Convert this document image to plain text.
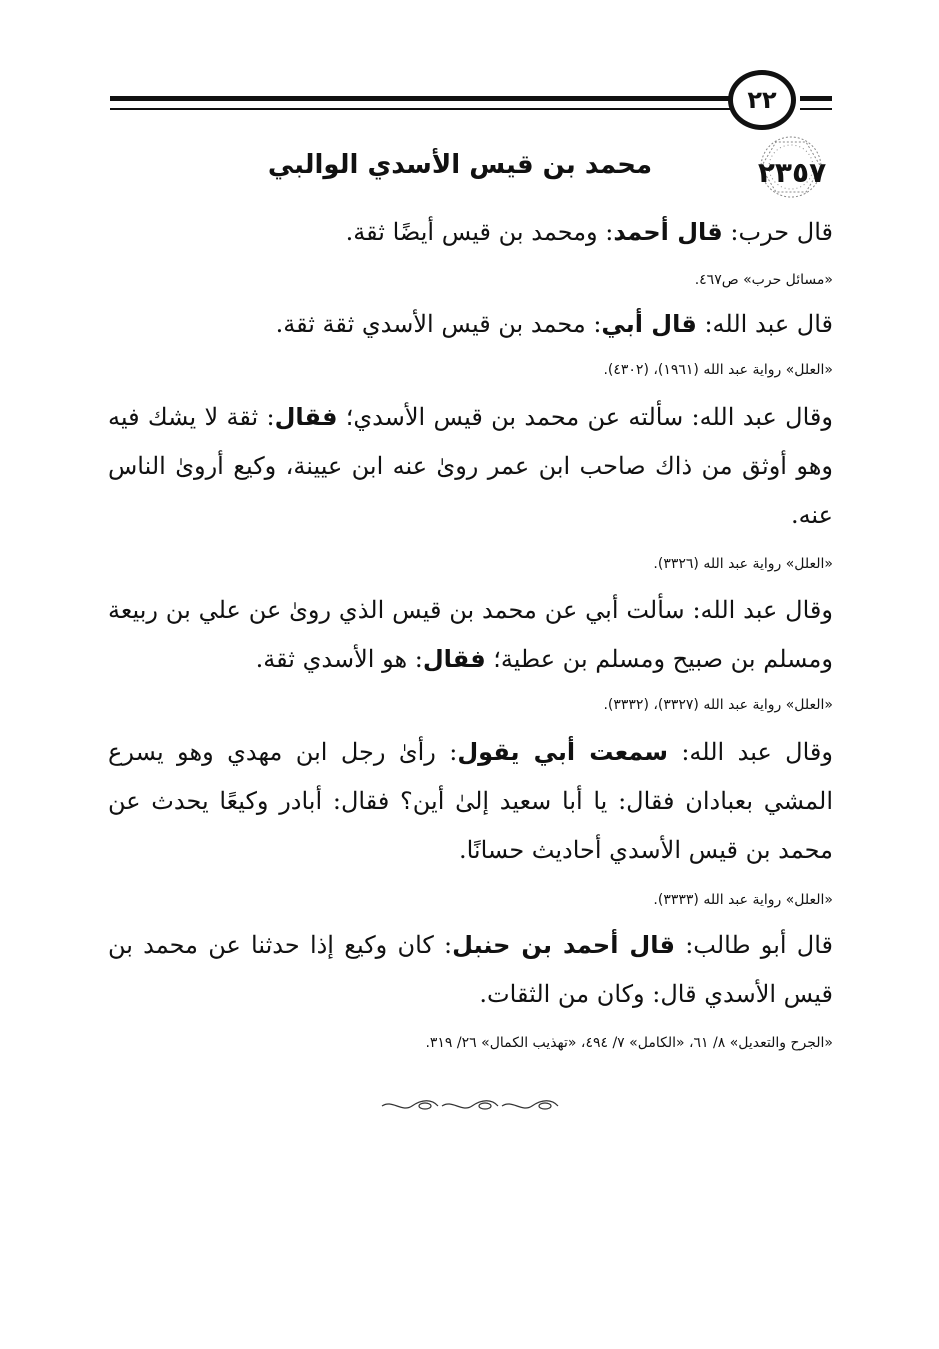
٢٢
٢٣٥٧
محمد بن قيس الأسدي الوالبي
قال حرب: قال أحمد: ومحمد بن قيس أيضًا ثقة.
«مسائل حرب» ص٤٦٧.
قال عبد الله: قال أبي: محمد بن قيس الأسدي ثقة ثقة.
«العلل» رواية عبد الله (١٩٦١)، (٤٣٠٢).
وقال عبد الله: سألته عن محمد بن قيس الأسدي؛ فقال: ثقة لا يشك فيه وهو أوثق من ذاك صاحب ابن عمر روىٰ عنه ابن عيينة، وكيع أروىٰ الناس عنه.
«العلل» رواية عبد الله (٣٣٢٦).
وقال عبد الله: سألت أبي عن محمد بن قيس الذي روىٰ عن علي بن ربيعة ومسلم بن صبيح ومسلم بن عطية؛ فقال: هو الأسدي ثقة.
«العلل» رواية عبد الله (٣٣٢٧)، (٣٣٣٢).
وقال عبد الله: سمعت أبي يقول: رأىٰ رجل ابن مهدي وهو يسرع المشي بعبادان فقال: يا أبا سعيد إلىٰ أين؟ فقال: أبادر وكيعًا يحدث عن محمد بن قيس الأسدي أحاديث حسانًا.
«العلل» رواية عبد الله (٣٣٣٣).
قال أبو طالب: قال أحمد بن حنبل: كان وكيع إذا حدثنا عن محمد بن قيس الأسدي قال: وكان من الثقات.
«الجرح والتعديل» ٨/ ٦١، «الكامل» ٧/ ٤٩٤، «تهذيب الكمال» ٢٦/ ٣١٩.
